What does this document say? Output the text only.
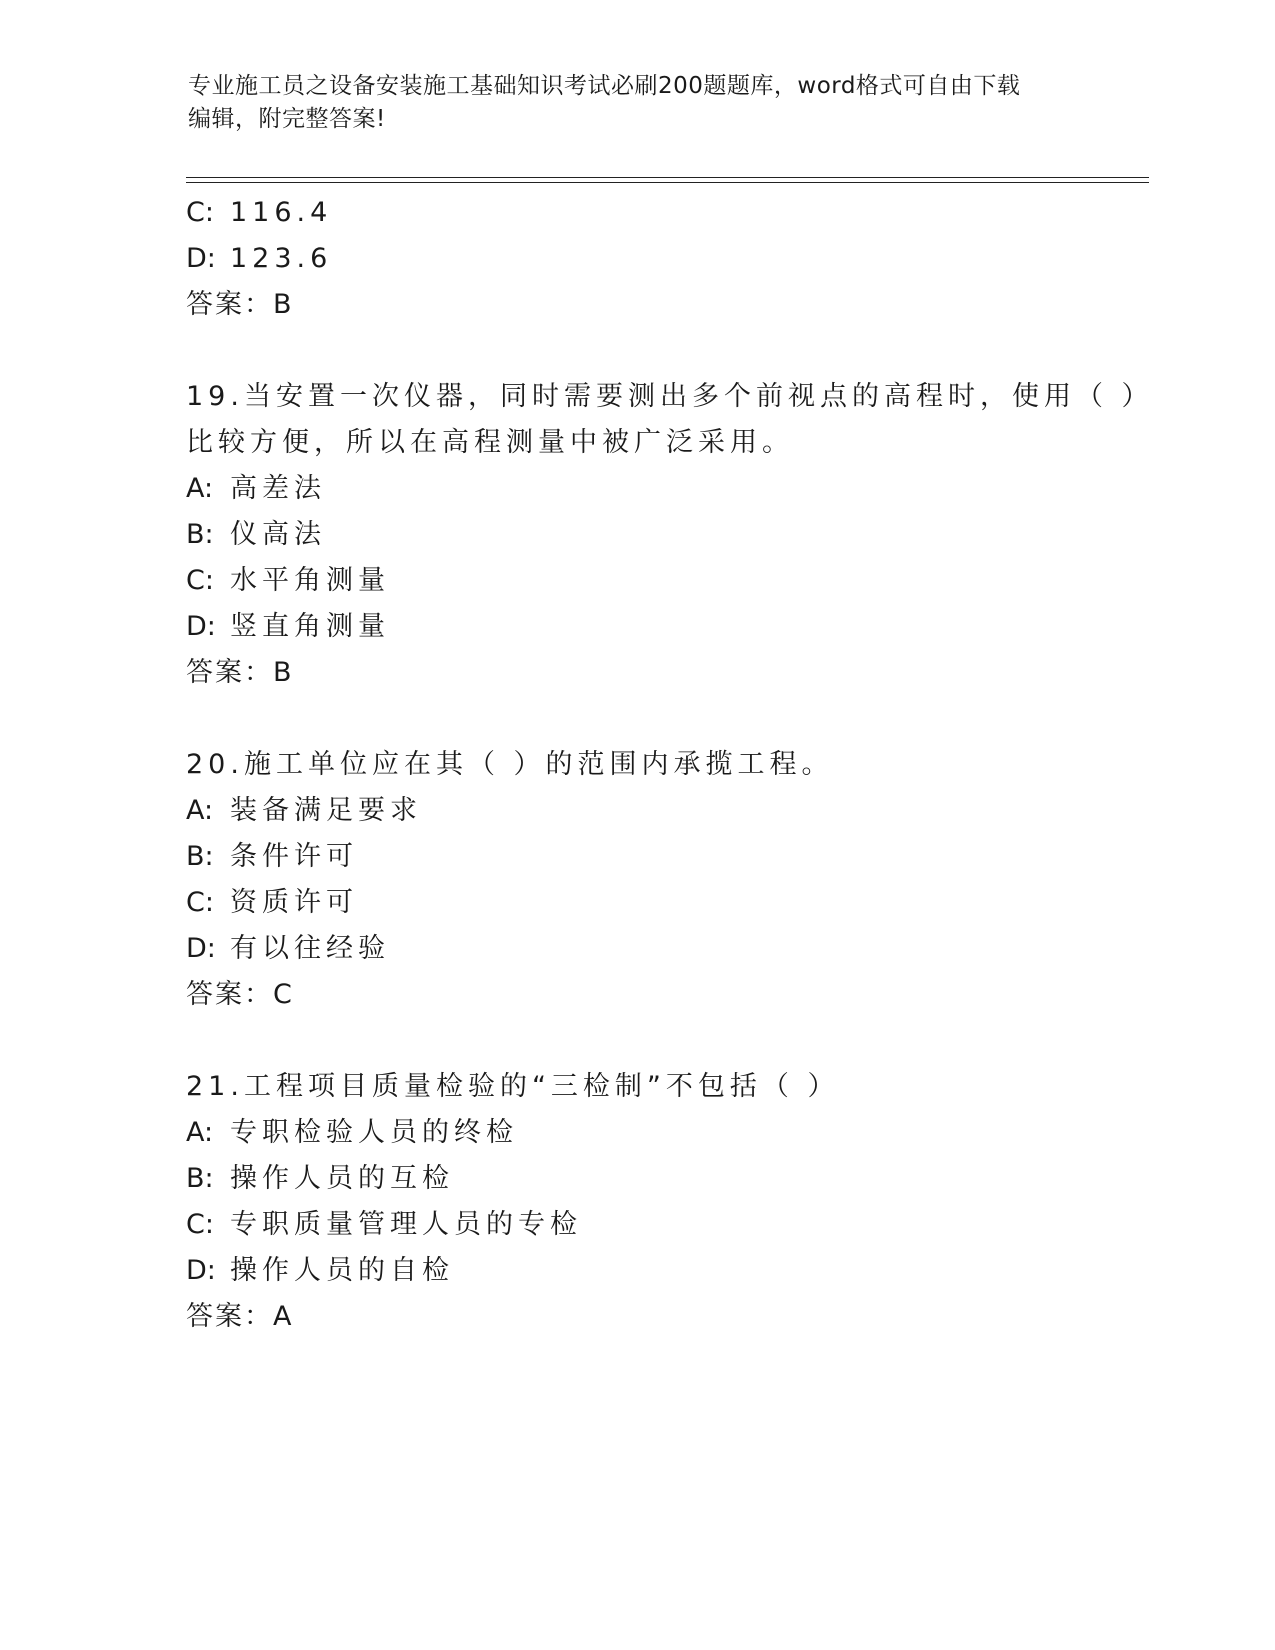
专业施工员之设备安装施工基础知识考试必刷200题题库，word格式可自由下载
编辑，附完整答案!
C: 116.4
D: 123.6
答案：B
19.当安置一次仪器，同时需要测出多个前视点的高程时，使用（ ）
比较方便，所以在高程测量中被广泛采用。
A: 高差法
B: 仪高法
C: 水平角测量
D: 竖直角测量
答案：B
20.施工单位应在其（ ）的范围内承揽工程。
A: 装备满足要求
B: 条件许可
C: 资质许可
D: 有以往经验
答案：C
21.工程项目质量检验的“三检制”不包括（ ）
A: 专职检验人员的终检
B: 操作人员的互检
C: 专职质量管理人员的专检
D: 操作人员的自检
答案：A
